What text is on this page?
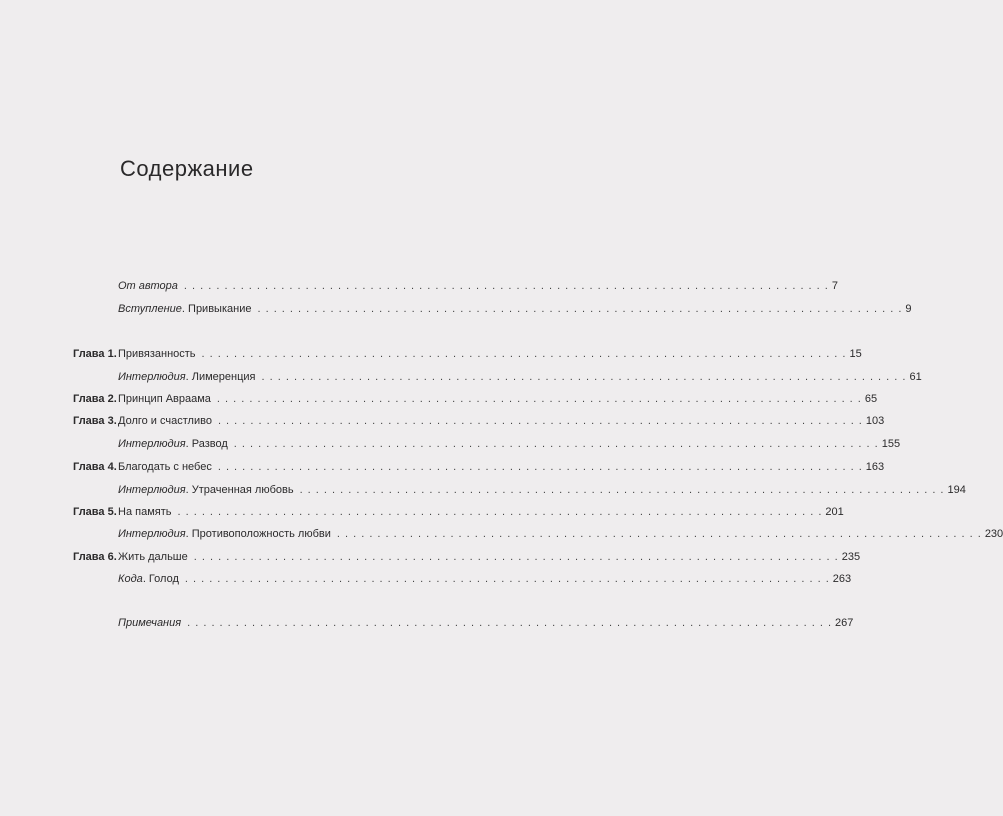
Содержание
От автора . . . . . . . . . . . . . . . . . . . . . . . . . . . . . . . . . . . . . . . . . . . . . . . . . . . . . . . . . . . . . . . . . . . . . . . . . . . . . . . . 7
Вступление. Привыкание . . . . . . . . . . . . . . . . . . . . . . . . . . . . . . . . . . . . . . . . . . . . . . . . . . . . . . . . . . . . . . . . . . . . . . . . . . . . . . . . 9
Глава 1. Привязанность . . . . . . . . . . . . . . . . . . . . . . . . . . . . . . . . . . . . . . . . . . . . . . . . . . . . . . . . . . . . . . . . . . . . . . . . . . . . . . . . 15
Интерлюдия. Лимеренция . . . . . . . . . . . . . . . . . . . . . . . . . . . . . . . . . . . . . . . . . . . . . . . . . . . . . . . . . . . . . . . . . . . . . . . . . . . . . . . . 61
Глава 2. Принцип Авраама . . . . . . . . . . . . . . . . . . . . . . . . . . . . . . . . . . . . . . . . . . . . . . . . . . . . . . . . . . . . . . . . . . . . . . . . . . . . . . . . 65
Глава 3. Долго и счастливо . . . . . . . . . . . . . . . . . . . . . . . . . . . . . . . . . . . . . . . . . . . . . . . . . . . . . . . . . . . . . . . . . . . . . . . . . . . . . . . . 103
Интерлюдия. Развод . . . . . . . . . . . . . . . . . . . . . . . . . . . . . . . . . . . . . . . . . . . . . . . . . . . . . . . . . . . . . . . . . . . . . . . . . . . . . . . . 155
Глава 4. Благодать с небес . . . . . . . . . . . . . . . . . . . . . . . . . . . . . . . . . . . . . . . . . . . . . . . . . . . . . . . . . . . . . . . . . . . . . . . . . . . . . . . . 163
Интерлюдия. Утраченная любовь . . . . . . . . . . . . . . . . . . . . . . . . . . . . . . . . . . . . . . . . . . . . . . . . . . . . . . . . . . . . . . . . . . . . . . . . . . . . . . . . 194
Глава 5. На память . . . . . . . . . . . . . . . . . . . . . . . . . . . . . . . . . . . . . . . . . . . . . . . . . . . . . . . . . . . . . . . . . . . . . . . . . . . . . . . . 201
Интерлюдия. Противоположность любви . . . . . . . . . . . . . . . . . . . . . . . . . . . . . . . . . . . . . . . . . . . . . . . . . . . . . . . . . . . . . . . . . . . . . . . . . . . . . . . . 230
Глава 6. Жить дальше . . . . . . . . . . . . . . . . . . . . . . . . . . . . . . . . . . . . . . . . . . . . . . . . . . . . . . . . . . . . . . . . . . . . . . . . . . . . . . . . 235
Кода. Голод . . . . . . . . . . . . . . . . . . . . . . . . . . . . . . . . . . . . . . . . . . . . . . . . . . . . . . . . . . . . . . . . . . . . . . . . . . . . . . . . 263
Примечания . . . . . . . . . . . . . . . . . . . . . . . . . . . . . . . . . . . . . . . . . . . . . . . . . . . . . . . . . . . . . . . . . . . . . . . . . . . . . . . . 267
